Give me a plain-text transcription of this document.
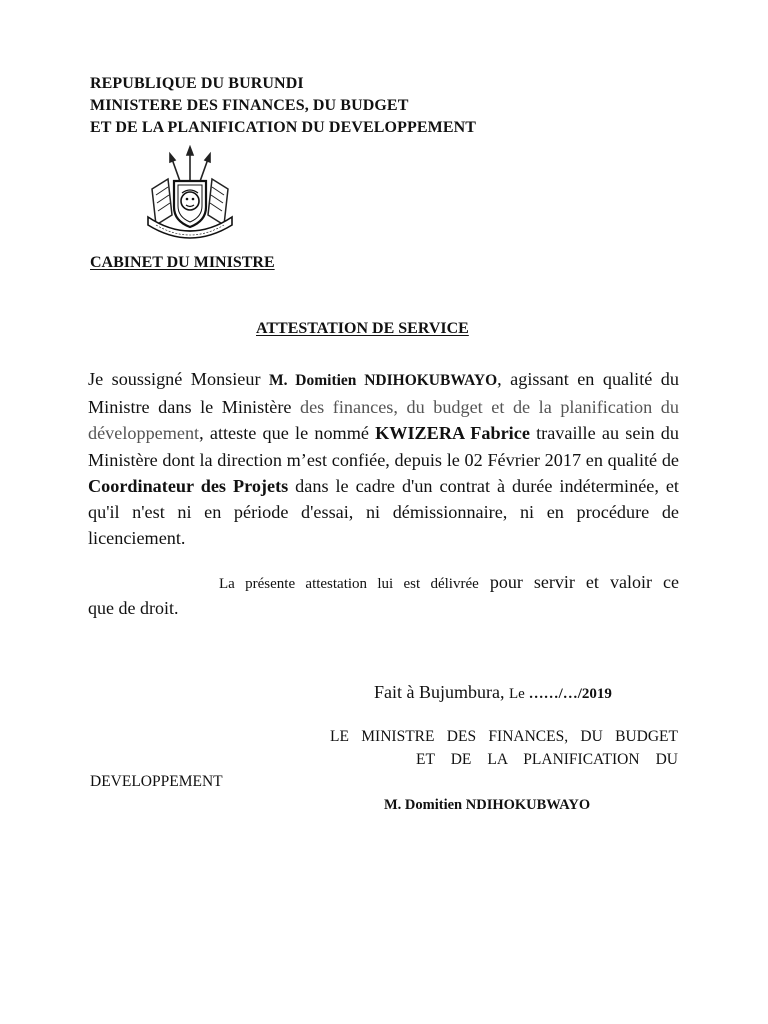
REPUBLIQUE DU BURUNDI
MINISTERE DES FINANCES, DU BUDGET
ET DE LA PLANIFICATION DU DEVELOPPEMENT
CABINET DU MINISTRE
ATTESTATION DE SERVICE
Je soussigné Monsieur M. Domitien NDIHOKUBWAYO, agissant en qualité du Ministre dans le Ministère des finances, du budget et de la planification du développement, atteste que le nommé KWIZERA Fabrice travaille au sein du Ministère dont la direction m’est confiée, depuis le 02 Février 2017 en qualité de Coordinateur des Projets dans le cadre d'un contrat à durée indéterminée, et qu'il n'est ni en période d'essai, ni démissionnaire, ni en procédure de licenciement.
La présente attestation lui est délivrée pour servir et valoir ce
que de droit.
Fait à Bujumbura, Le ……/…/2019
LE MINISTRE DES FINANCES, DU BUDGET
ET DE LA PLANIFICATION DU
DEVELOPPEMENT
M. Domitien NDIHOKUBWAYO
